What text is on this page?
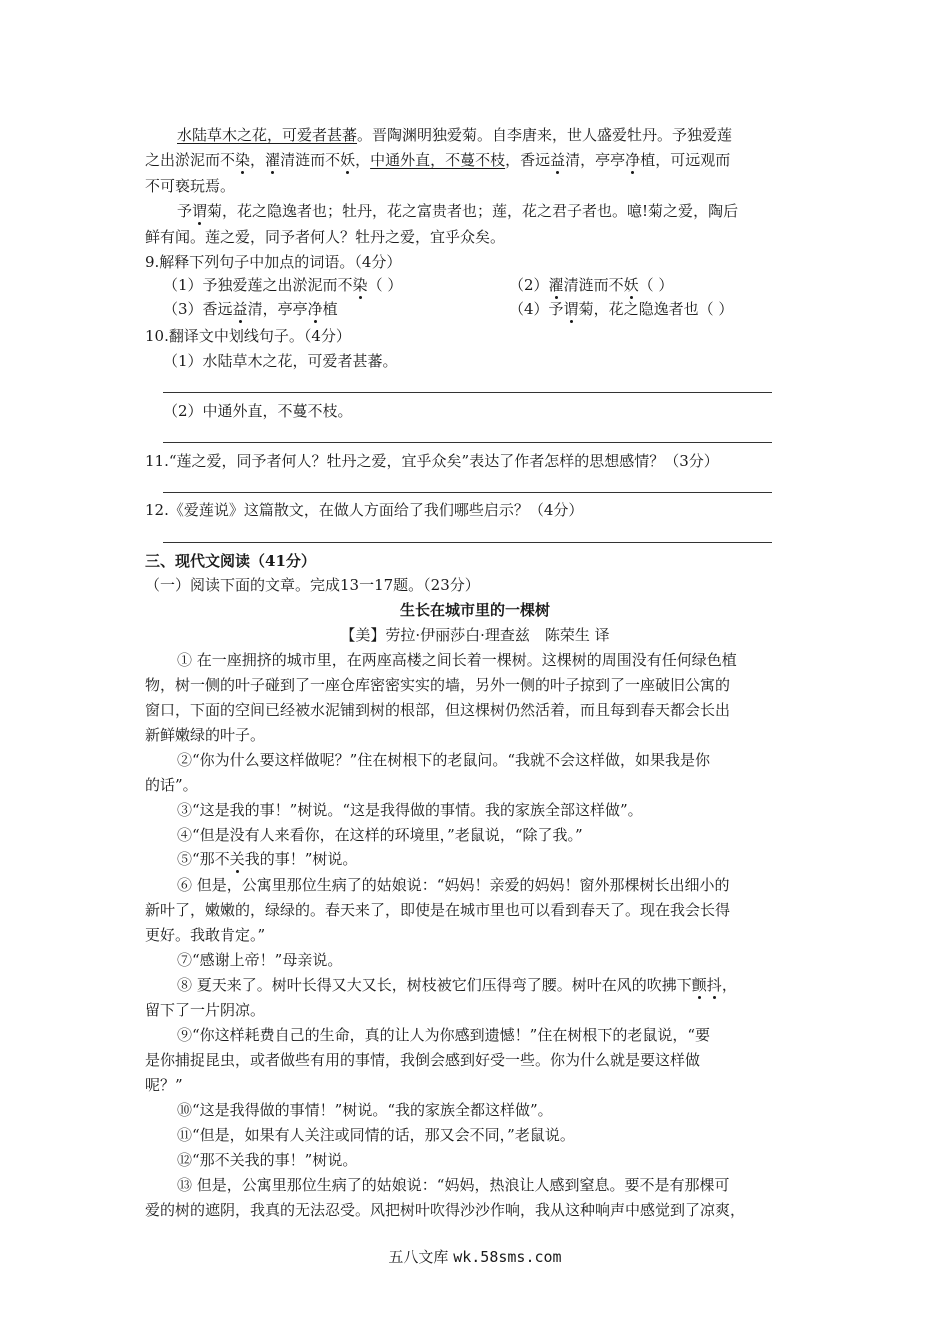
水陆草木之花，可爱者甚蕃。晋陶渊明独爱菊。自李唐来，世人盛爱牡丹。予独爱莲
之出淤泥而不染，濯清涟而不妖，中通外直，不蔓不枝，香远益清，亭亭净植，可远观而
不可亵玩焉。
予谓菊，花之隐逸者也；牡丹，花之富贵者也；莲，花之君子者也。噫!菊之爱，陶后
鲜有闻。莲之爱，同予者何人？牡丹之爱，宜乎众矣。
9.解释下列句子中加点的词语。（4分）
（1）予独爱莲之出淤泥而不染（ ）	（2）濯清涟而不妖（ ）
（3）香远益清，亭亭净植	（4）予谓菊，花之隐逸者也（ ）
10.翻译文中划线句子。（4分）
（1）水陆草木之花，可爱者甚蕃。
（2）中通外直，不蔓不枝。
11.“莲之爱，同予者何人？牡丹之爱，宜乎众矣”表达了作者怎样的思想感情？（3分）
12.《爱莲说》这篇散文，在做人方面给了我们哪些启示？（4分）
三、现代文阅读（41分）
（一）阅读下面的文章。完成13一17题。（23分）
生长在城市里的一棵树
【美】劳拉·伊丽莎白·理查兹　陈荣生 译
① 在一座拥挤的城市里，在两座高楼之间长着一棵树。这棵树的周围没有任何绿色植
物，树一侧的叶子碰到了一座仓库密密实实的墙，另外一侧的叶子掠到了一座破旧公寓的
窗口，下面的空间已经被水泥铺到树的根部，但这棵树仍然活着，而且每到春天都会长出
新鲜嫩绿的叶子。
②“你为什么要这样做呢？”住在树根下的老鼠问。“我就不会这样做，如果我是你
的话”。
③“这是我的事！”树说。“这是我得做的事情。我的家族全部这样做”。
④“但是没有人来看你，在这样的环境里，”老鼠说，“除了我。”
⑤“那不关我的事！”树说。
⑥ 但是，公寓里那位生病了的姑娘说：“妈妈！亲爱的妈妈！窗外那棵树长出细小的
新叶了，嫩嫩的，绿绿的。春天来了，即使是在城市里也可以看到春天了。现在我会长得
更好。我敢肯定。”
⑦“感谢上帝！”母亲说。
⑧ 夏天来了。树叶长得又大又长，树枝被它们压得弯了腰。树叶在风的吹拂下颤抖，
留下了一片阴凉。
⑨“你这样耗费自己的生命，真的让人为你感到遗憾！”住在树根下的老鼠说，“要
是你捕捉昆虫，或者做些有用的事情，我倒会感到好受一些。你为什么就是要这样做
呢？”
⑩“这是我得做的事情！”树说。“我的家族全都这样做”。
⑪“但是，如果有人关注或同情的话，那又会不同，”老鼠说。
⑫“那不关我的事！”树说。
⑬ 但是，公寓里那位生病了的姑娘说：“妈妈，热浪让人感到窒息。要不是有那棵可
爱的树的遮阴，我真的无法忍受。风把树叶吹得沙沙作响，我从这种响声中感觉到了凉爽，
五八文库 wk.58sms.com
